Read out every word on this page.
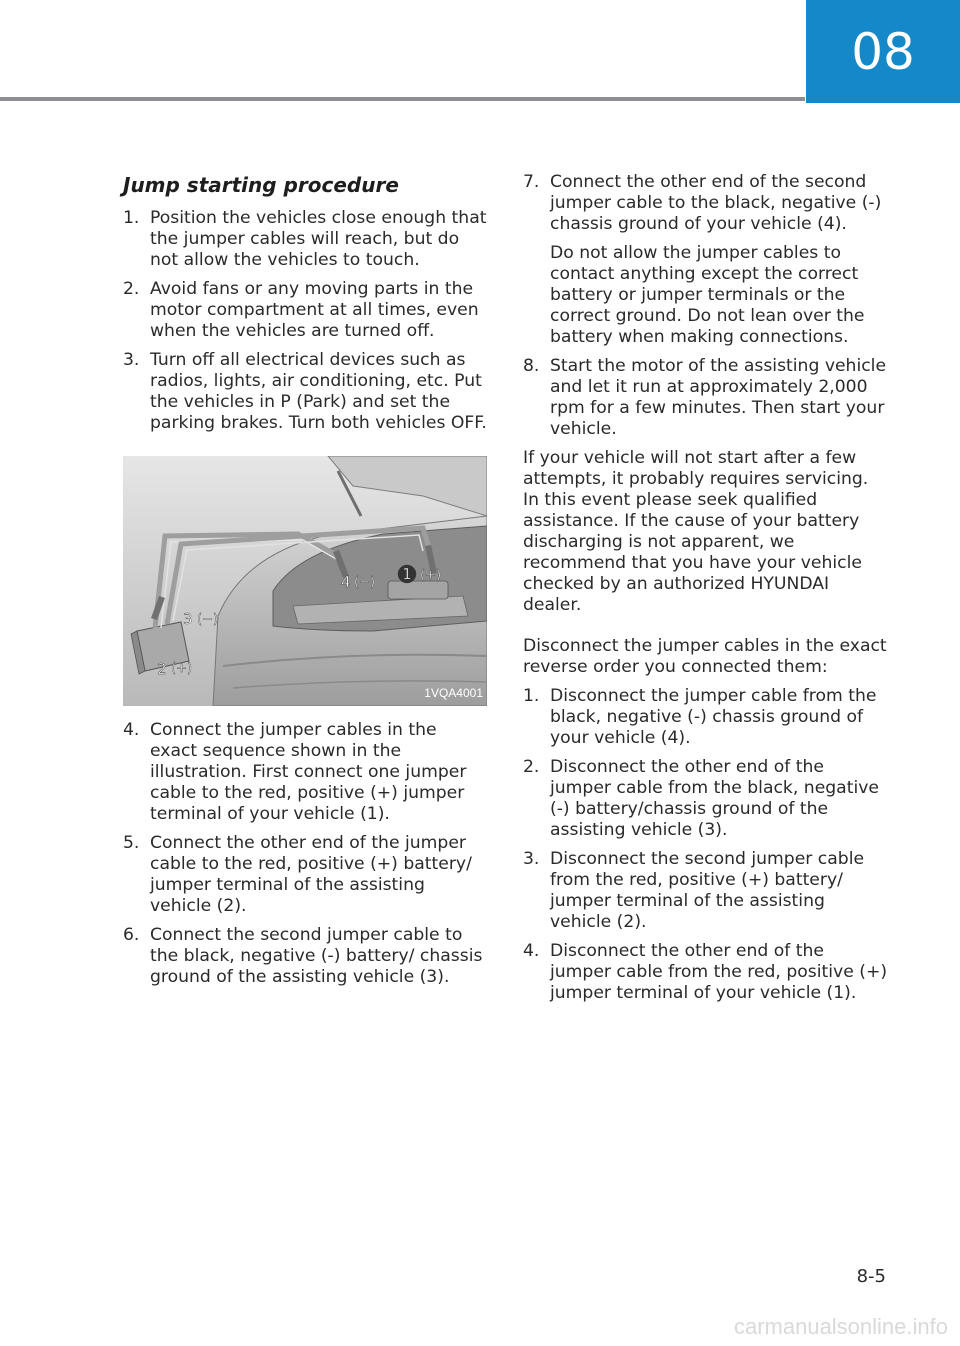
08
Jump starting procedure
1. Position the vehicles close enough that the jumper cables will reach, but do not allow the vehicles to touch.
2. Avoid fans or any moving parts in the motor compartment at all times, even when the vehicles are turned off.
3. Turn off all electrical devices such as radios, lights, air conditioning, etc. Put the vehicles in P (Park) and set the parking brakes. Turn both vehicles OFF.
1 (+)
4 (−)
3 (−)
2 (+)
1VQA4001
4. Connect the jumper cables in the exact sequence shown in the illustration. First connect one jumper cable to the red, positive (+) jumper terminal of your vehicle (1).
5. Connect the other end of the jumper cable to the red, positive (+) battery/ jumper terminal of the assisting vehicle (2).
6. Connect the second jumper cable to the black, negative (-) battery/ chassis ground of the assisting vehicle (3).
7. Connect the other end of the second jumper cable to the black, negative (-) chassis ground of your vehicle (4).

Do not allow the jumper cables to contact anything except the correct battery or jumper terminals or the correct ground. Do not lean over the battery when making connections.

8. Start the motor of the assisting vehicle and let it run at approximately 2,000 rpm for a few minutes. Then start your vehicle.

If your vehicle will not start after a few attempts, it probably requires servicing. In this event please seek qualified assistance. If the cause of your battery discharging is not apparent, we recommend that you have your vehicle checked by an authorized HYUNDAI dealer.

Disconnect the jumper cables in the exact reverse order you connected them:

1. Disconnect the jumper cable from the black, negative (-) chassis ground of your vehicle (4).
2. Disconnect the other end of the jumper cable from the black, negative (-) battery/chassis ground of the assisting vehicle (3).
3. Disconnect the second jumper cable from the red, positive (+) battery/ jumper terminal of the assisting vehicle (2).
4. Disconnect the other end of the jumper cable from the red, positive (+) jumper terminal of your vehicle (1).
8-5
carmanualsonline.info
